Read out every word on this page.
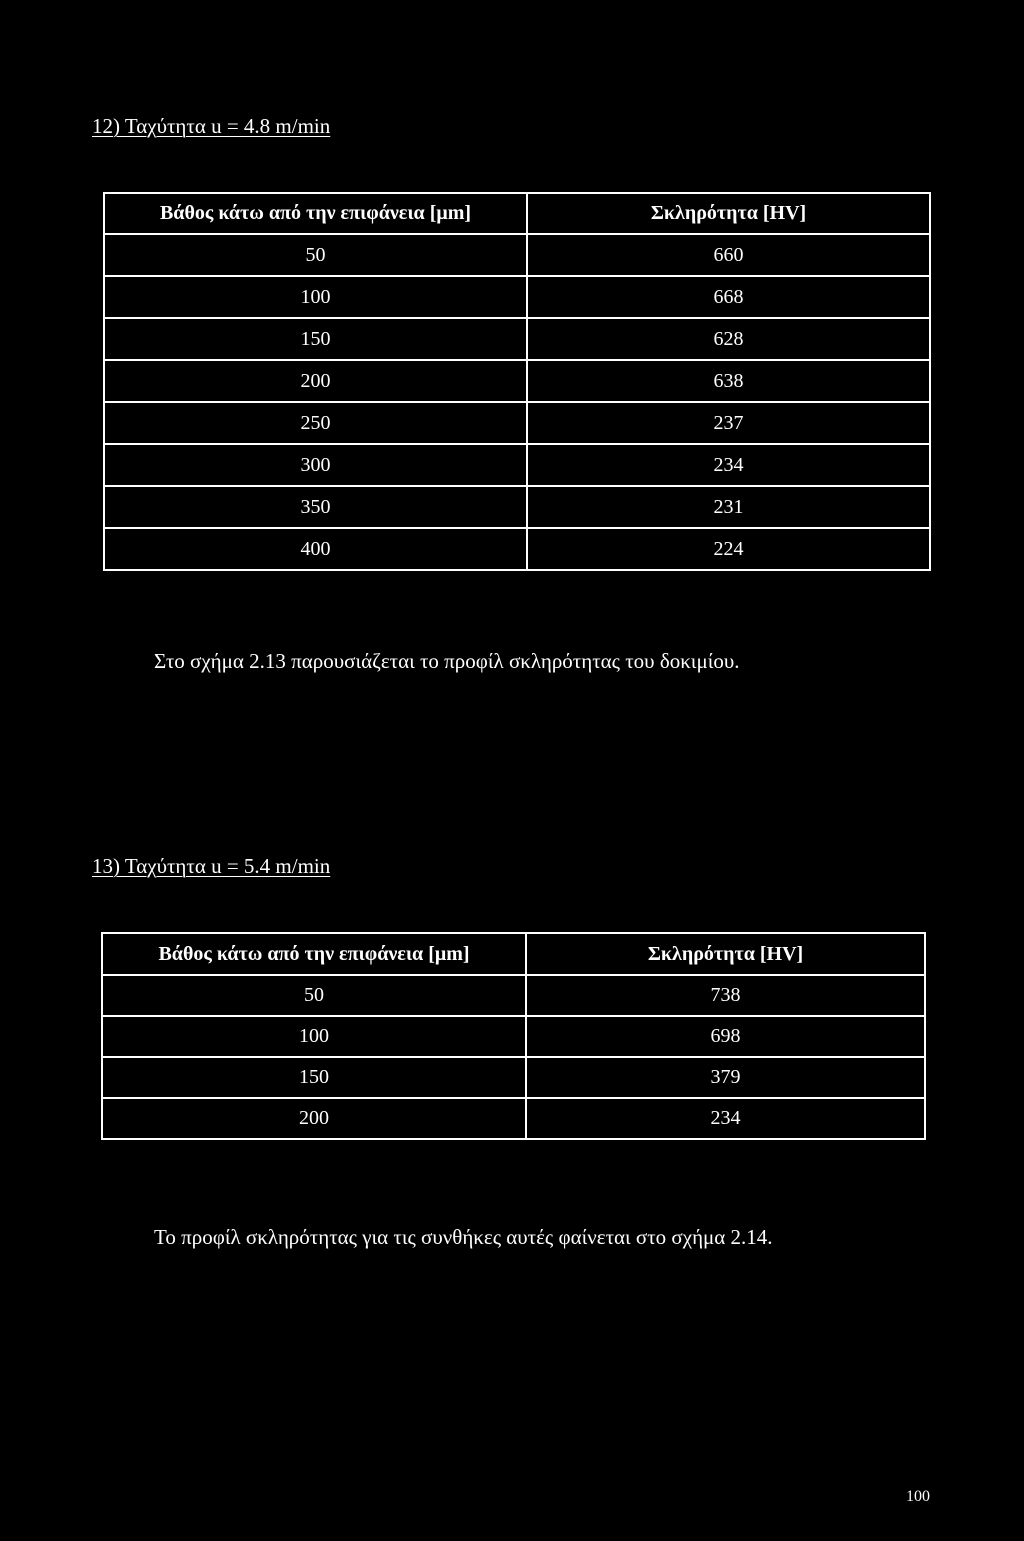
12) Ταχύτητα u = 4.8 m/min
Βάθος κάτω από την επιφάνεια [μm]	Σκληρότητα [HV]
50	660
100	668
150	628
200	638
250	237
300	234
350	231
400	224
Στο σχήμα 2.13 παρουσιάζεται το προφίλ σκληρότητας του δοκιμίου.
13) Ταχύτητα u = 5.4 m/min
Βάθος κάτω από την επιφάνεια [μm]	Σκληρότητα [HV]
50	738
100	698
150	379
200	234
Το προφίλ σκληρότητας για τις συνθήκες αυτές φαίνεται στο σχήμα 2.14.
100
